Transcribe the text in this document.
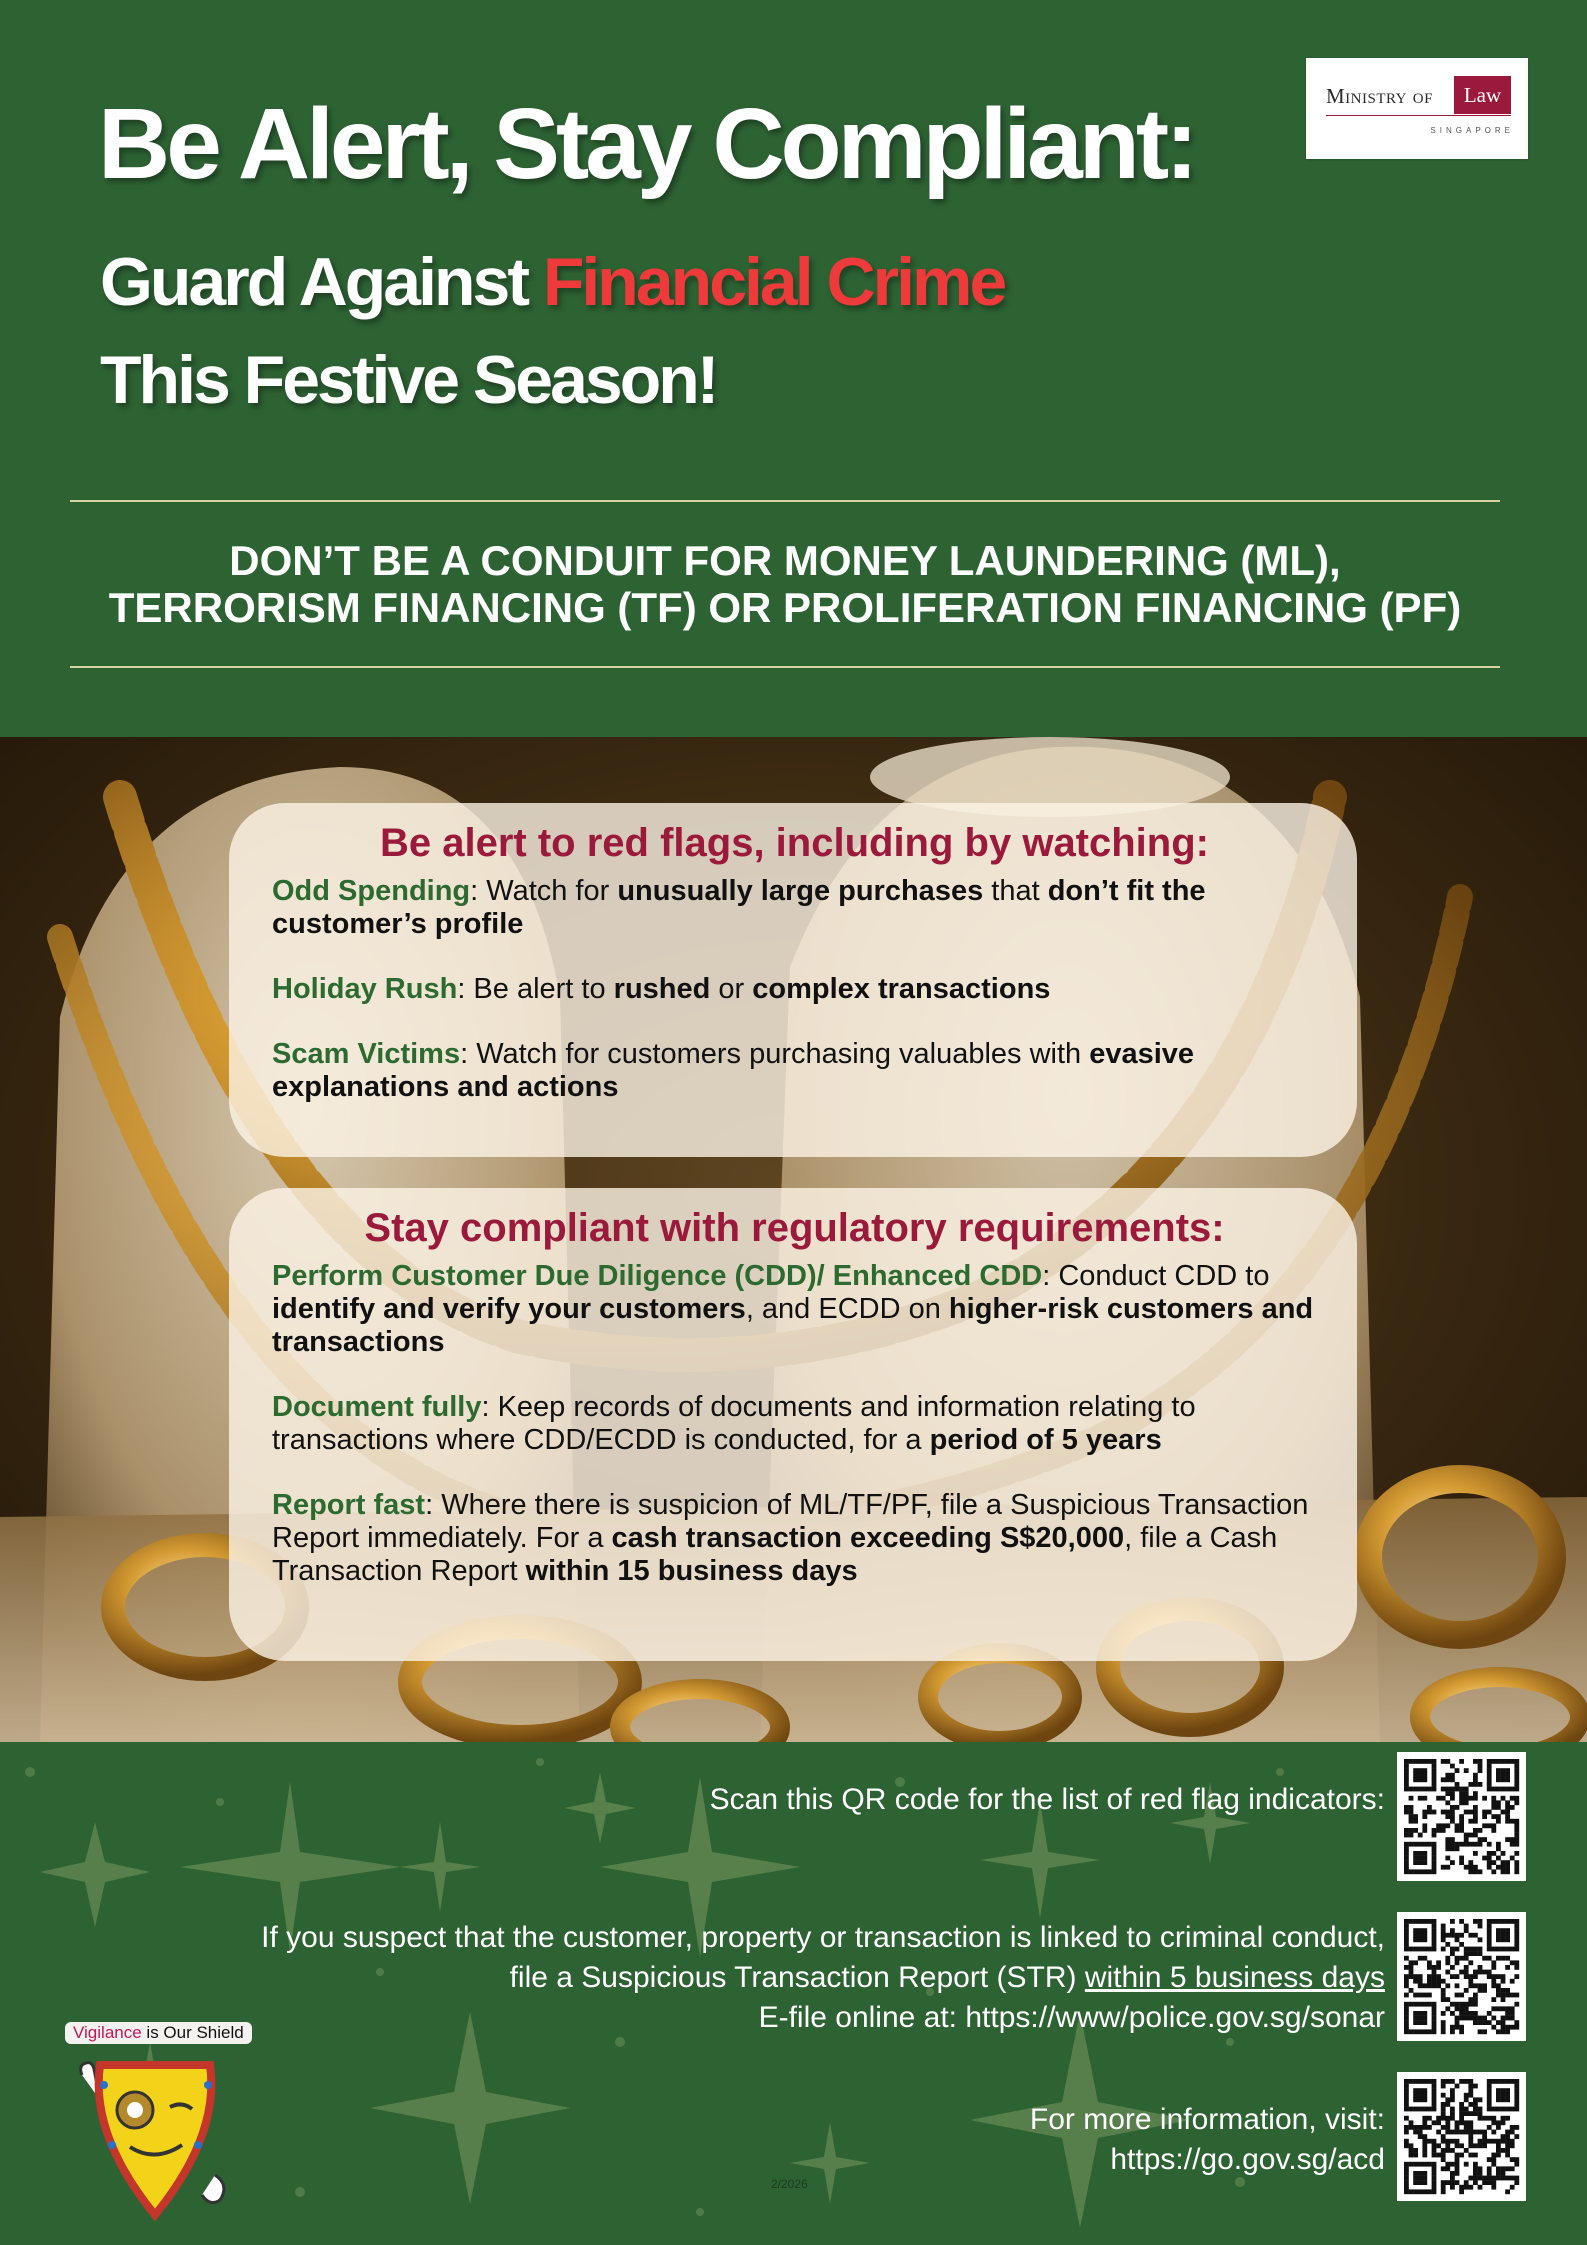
Be Alert, Stay Compliant:
Guard Against Financial Crime
This Festive Season!
Ministry of	Law
SINGAPORE
DON’T BE A CONDUIT FOR MONEY LAUNDERING (ML),
TERRORISM FINANCING (TF) OR PROLIFERATION FINANCING (PF)
Be alert to red flags, including by watching:
Odd Spending: Watch for unusually large purchases that don’t fit the customer’s profile
Holiday Rush: Be alert to rushed or complex transactions
Scam Victims: Watch for customers purchasing valuables with evasive explanations and actions
Stay compliant with regulatory requirements:
Perform Customer Due Diligence (CDD)/ Enhanced CDD: Conduct CDD to identify and verify your customers, and ECDD on higher-risk customers and transactions
Document fully: Keep records of documents and information relating to transactions where CDD/ECDD is conducted, for a period of 5 years
Report fast: Where there is suspicion of ML/TF/PF, file a Suspicious Transaction Report immediately. For a cash transaction exceeding S$20,000, file a Cash Transaction Report within 15 business days
Scan this QR code for the list of red flag indicators:
If you suspect that the customer, property or transaction is linked to criminal conduct,
file a Suspicious Transaction Report (STR) within 5 business days
E-file online at: https://www/police.gov.sg/sonar
For more information, visit:
https://go.gov.sg/acd
Vigilance is Our Shield
2/2026
